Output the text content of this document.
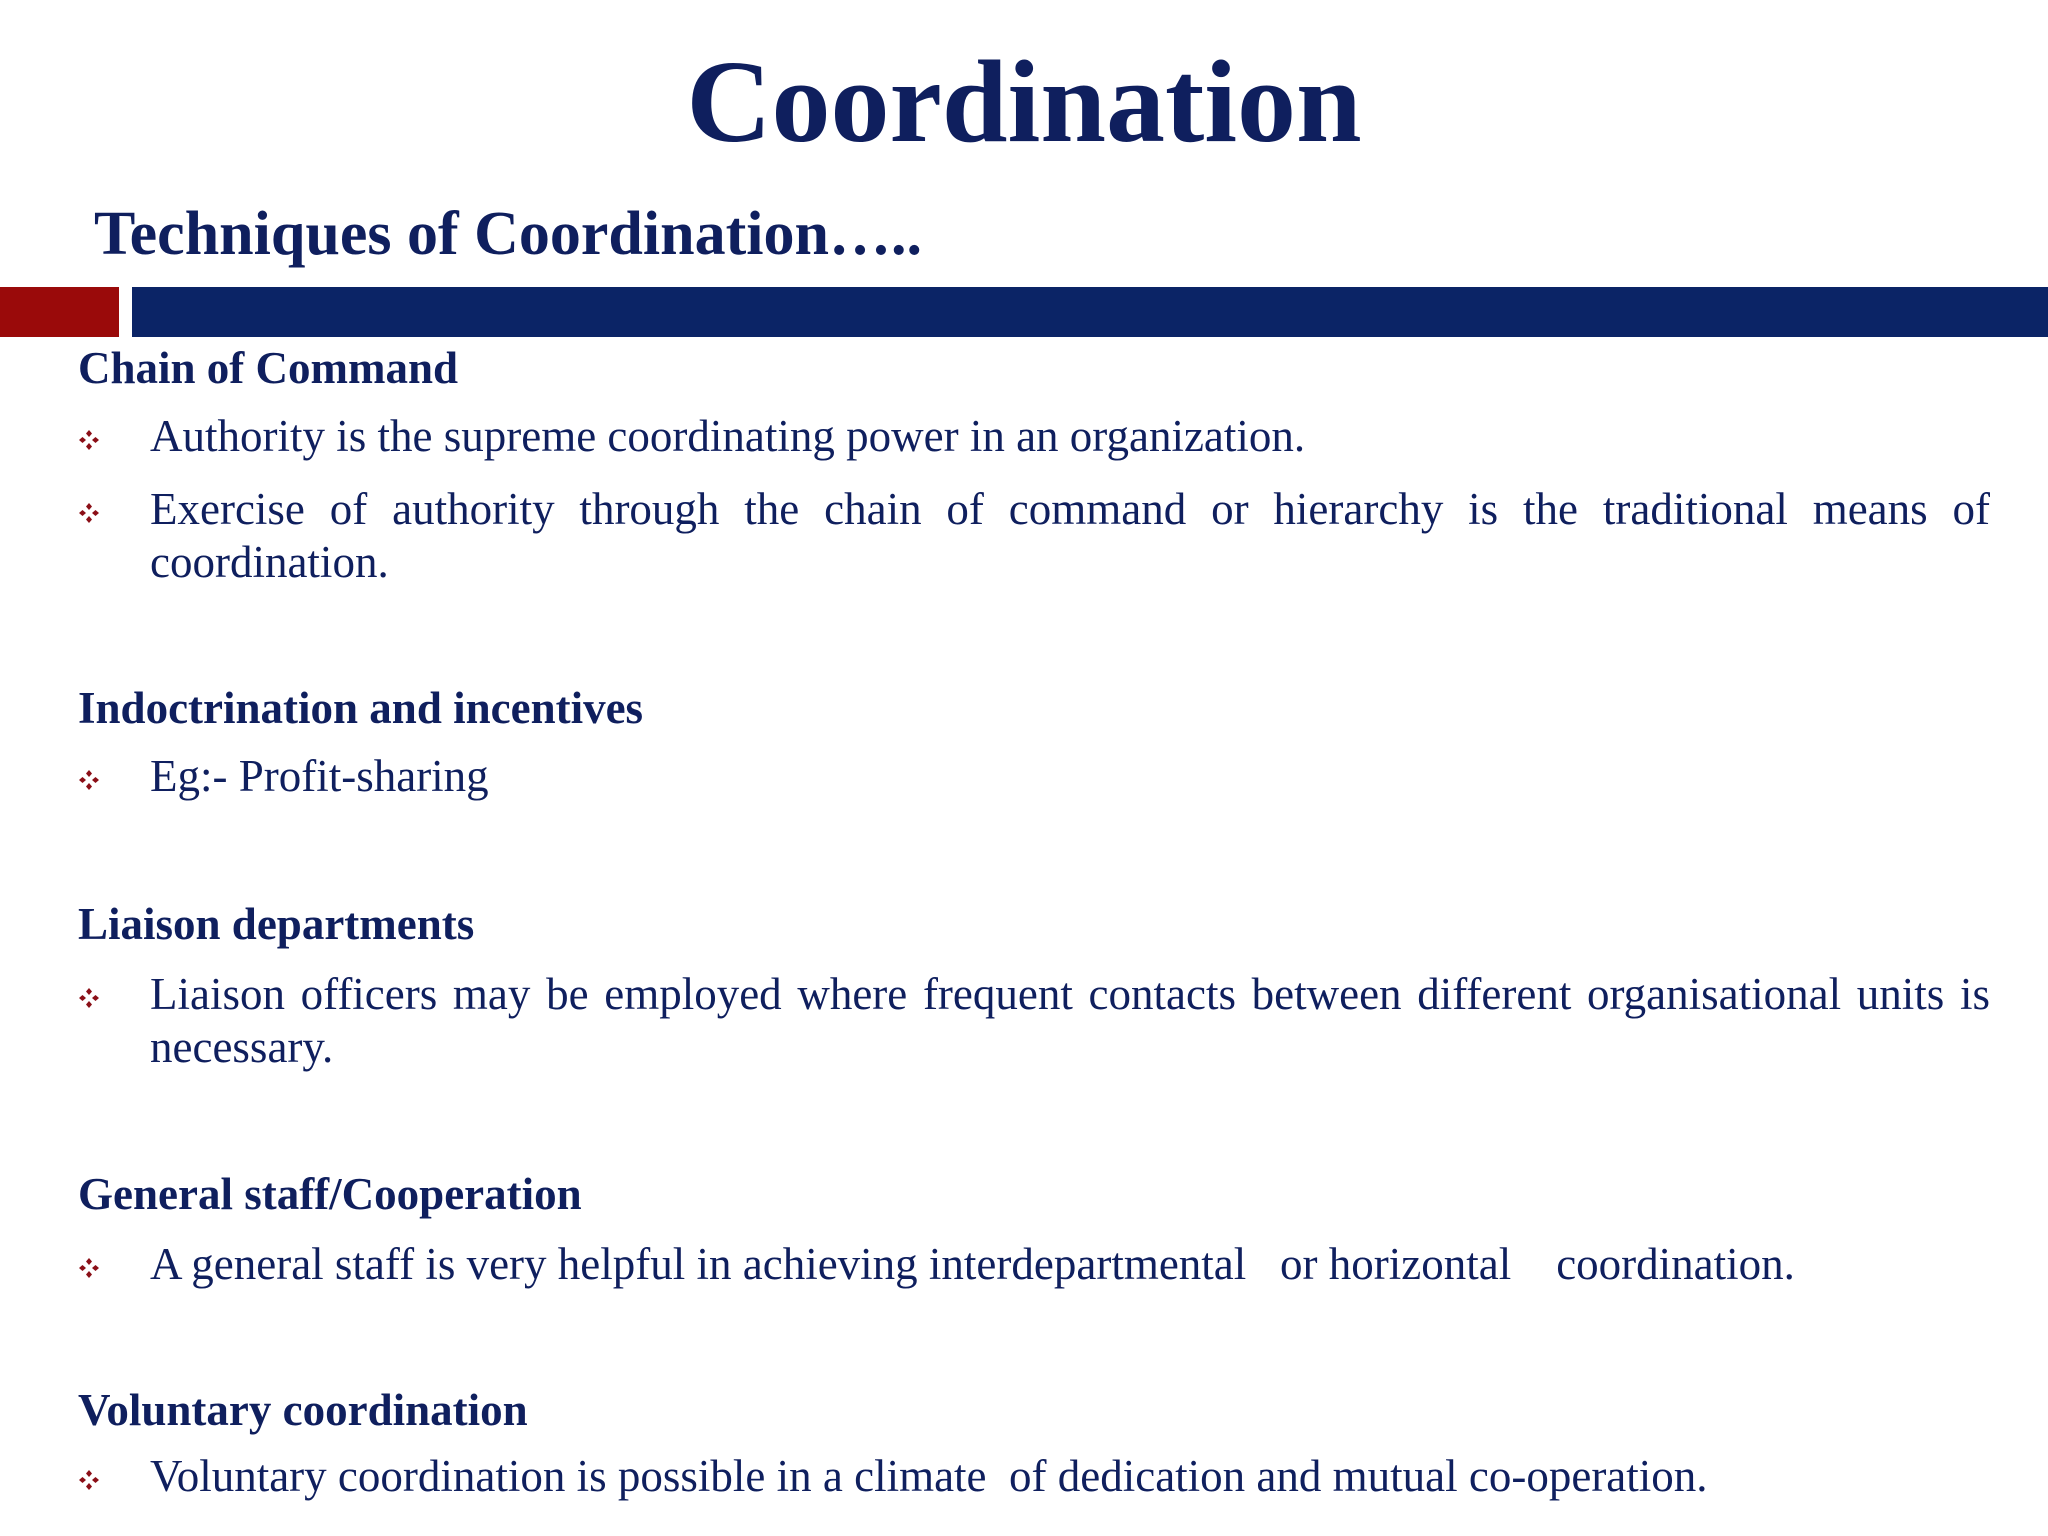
Coordination
Techniques of Coordination…..
Chain of Command
Authority is the supreme coordinating power in an organization.
Exercise of authority through the chain of command or hierarchy is the traditional means of coordination.
Indoctrination and incentives
Eg:- Profit-sharing
Liaison departments
Liaison officers may be employed where frequent contacts between different organisational units is necessary.
General staff/Cooperation
A general staff is very helpful in achieving interdepartmental   or horizontal    coordination.
Voluntary coordination
Voluntary coordination is possible in a climate  of dedication and mutual co-operation.
